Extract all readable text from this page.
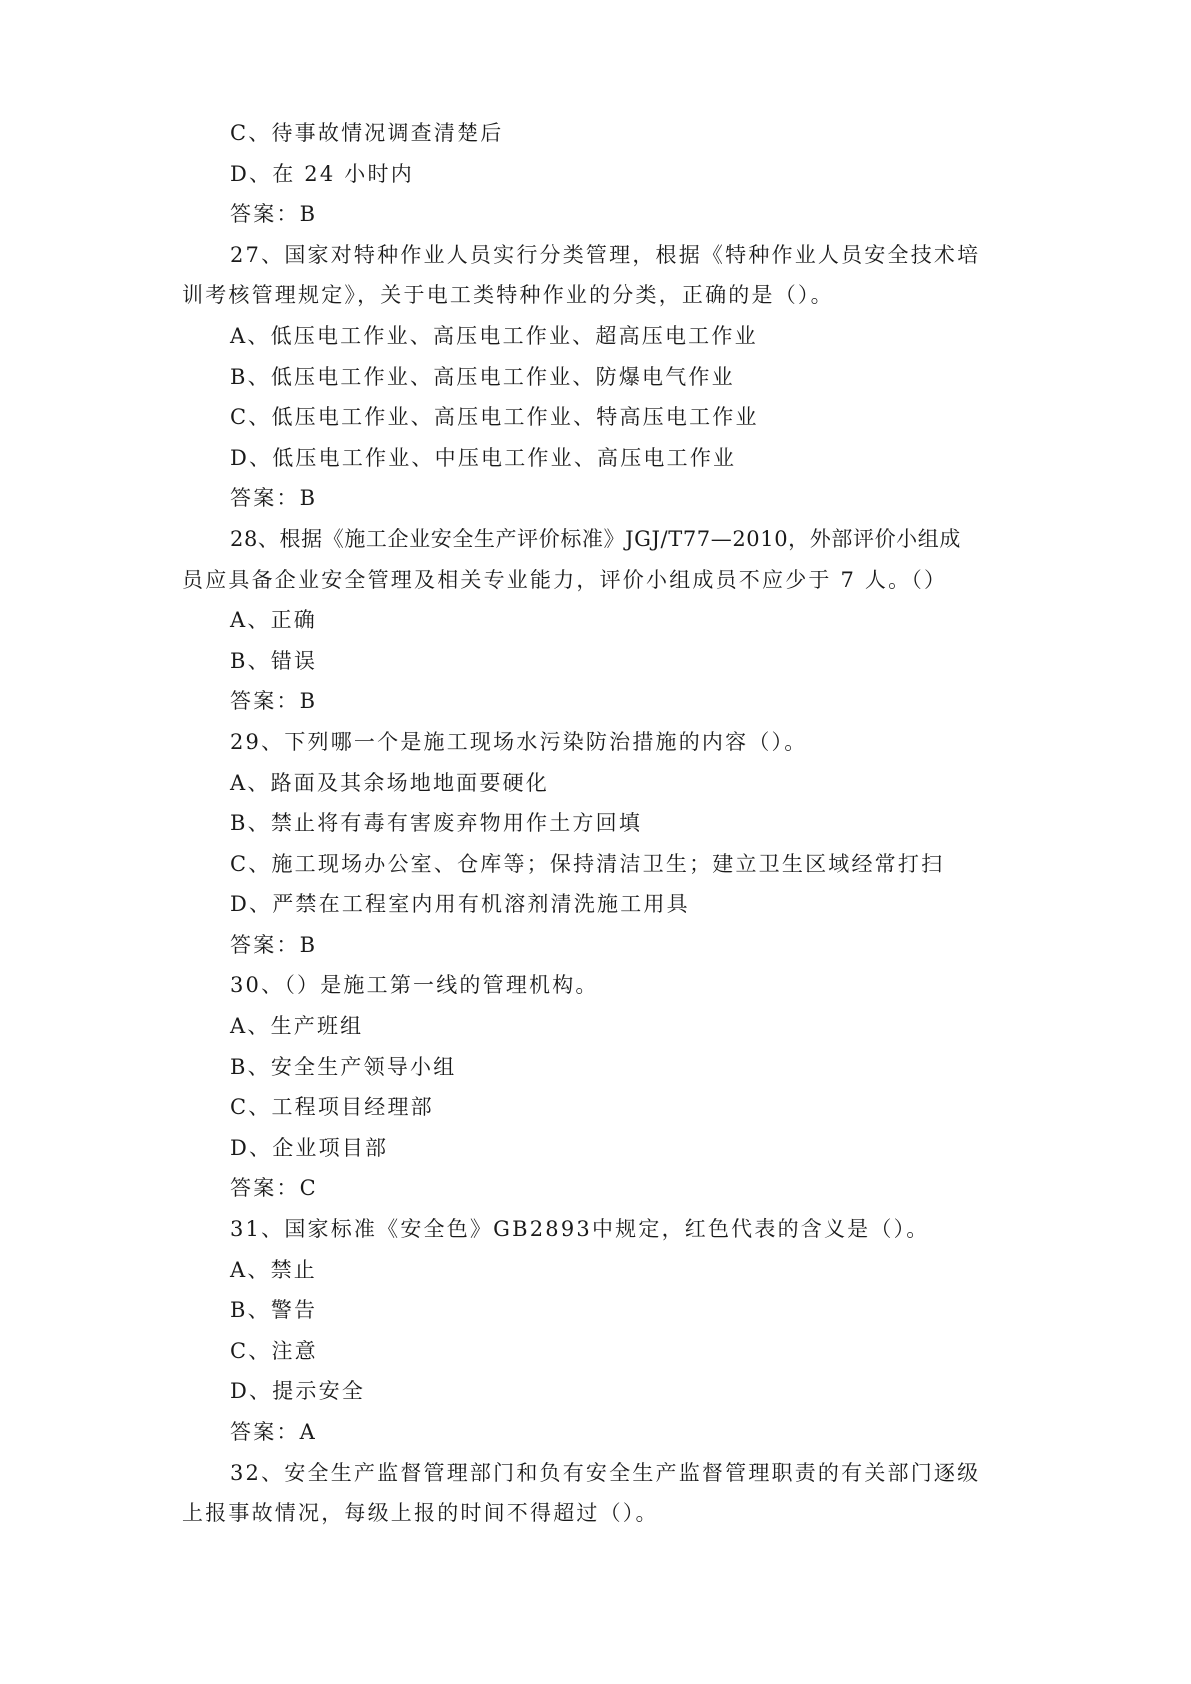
C、待事故情况调查清楚后
D、在 24 小时内
答案：B
27、国家对特种作业人员实行分类管理，根据《特种作业人员安全技术培
训考核管理规定》，关于电工类特种作业的分类，正确的是（）。
A、低压电工作业、高压电工作业、超高压电工作业
B、低压电工作业、高压电工作业、防爆电气作业
C、低压电工作业、高压电工作业、特高压电工作业
D、低压电工作业、中压电工作业、高压电工作业
答案：B
28、根据《施工企业安全生产评价标准》JGJ/T77—2010，外部评价小组成
员应具备企业安全管理及相关专业能力，评价小组成员不应少于 7 人。（）
A、正确
B、错误
答案：B
29、下列哪一个是施工现场水污染防治措施的内容（）。
A、路面及其余场地地面要硬化
B、禁止将有毒有害废弃物用作土方回填
C、施工现场办公室、仓库等；保持清洁卫生；建立卫生区域经常打扫
D、严禁在工程室内用有机溶剂清洗施工用具
答案：B
30、（）是施工第一线的管理机构。
A、生产班组
B、安全生产领导小组
C、工程项目经理部
D、企业项目部
答案：C
31、国家标准《安全色》GB2893中规定，红色代表的含义是（）。
A、禁止
B、警告
C、注意
D、提示安全
答案：A
32、安全生产监督管理部门和负有安全生产监督管理职责的有关部门逐级
上报事故情况，每级上报的时间不得超过（）。
